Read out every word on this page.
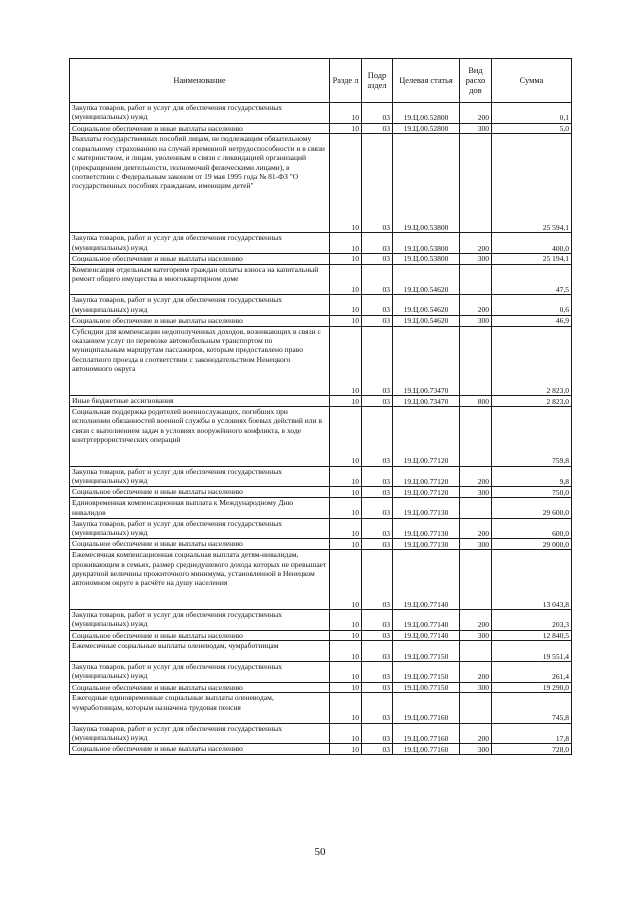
Наименование	Разде л	Подр аздел	Целевая статья	Вид расхо дов	Сумма
Закупка товаров, работ и услуг для обеспечения государственных (муниципальных) нужд	10	03	19.Ц.00.52800	200	0,1
Социальное обеспечение и иные выплаты населению	10	03	19.Ц.00.52800	300	5,0
Выплаты государственных пособий лицам, не подлежащим обязательному социальному страхованию на случай временной нетрудоспособности и в связи с материнством, и лицам, уволенным в связи с ликвидацией организаций (прекращением деятельности, полномочий физическими лицами), в соответствии с Федеральным законом от 19 мая 1995 года № 81-ФЗ "О государственных пособиях гражданам, имеющим детей"	10	03	19.Ц.00.53800		25 594,1
Закупка товаров, работ и услуг для обеспечения государственных (муниципальных) нужд	10	03	19.Ц.00.53800	200	400,0
Социальное обеспечение и иные выплаты населению	10	03	19.Ц.00.53800	300	25 194,1
Компенсация отдельным категориям граждан оплаты взноса на капитальный ремонт общего имущества в многоквартирном доме	10	03	19.Ц.00.54620		47,5
Закупка товаров, работ и услуг для обеспечения государственных (муниципальных) нужд	10	03	19.Ц.00.54620	200	0,6
Социальное обеспечение и иные выплаты населению	10	03	19.Ц.00.54620	300	46,9
Субсидии для компенсации недополученных доходов, возникающих в связи с оказанием услуг по перевозке автомобильным транспортом по муниципальным маршрутам пассажиров, которым предоставлено право бесплатного проезда в соответствии с законодательством Ненецкого автономного округа	10	03	19.Ц.00.73470		2 823,0
Иные бюджетные ассигнования	10	03	19.Ц.00.73470	800	2 823,0
Социальная поддержка родителей военнослужащих, погибших при исполнении обязанностей военной службы в условиях боевых действий или в связи с выполнением задач в условиях вооружённого конфликта, в ходе контртеррористических операций	10	03	19.Ц.00.77120		759,8
Закупка товаров, работ и услуг для обеспечения государственных (муниципальных) нужд	10	03	19.Ц.00.77120	200	9,8
Социальное обеспечение и иные выплаты населению	10	03	19.Ц.00.77120	300	750,0
Единовременная компенсационная выплата к Международному Дню инвалидов	10	03	19.Ц.00.77130		29 600,0
Закупка товаров, работ и услуг для обеспечения государственных (муниципальных) нужд	10	03	19.Ц.00.77130	200	600,0
Социальное обеспечение и иные выплаты населению	10	03	19.Ц.00.77130	300	29 000,0
Ежемесячная компенсационная социальная выплата детям-инвалидам, проживающим в семьях, размер среднедушевого дохода которых не превышает двукратной величины прожиточного минимума, установленной в Ненецком автономном округе в расчёте на душу населения	10	03	19.Ц.00.77140		13 043,8
Закупка товаров, работ и услуг для обеспечения государственных (муниципальных) нужд	10	03	19.Ц.00.77140	200	203,3
Социальное обеспечение и иные выплаты населению	10	03	19.Ц.00.77140	300	12 840,5
Ежемесячные социальные выплаты оленеводам, чумработницам	10	03	19.Ц.00.77150		19 551,4
Закупка товаров, работ и услуг для обеспечения государственных (муниципальных) нужд	10	03	19.Ц.00.77150	200	261,4
Социальное обеспечение и иные выплаты населению	10	03	19.Ц.00.77150	300	19 290,0
Ежегодные единовременные социальные выплаты оленеводам, чумработницам, которым назначена трудовая пенсия	10	03	19.Ц.00.77160		745,8
Закупка товаров, работ и услуг для обеспечения государственных (муниципальных) нужд	10	03	19.Ц.00.77160	200	17,8
Социальное обеспечение и иные выплаты населению	10	03	19.Ц.00.77160	300	728,0
50
